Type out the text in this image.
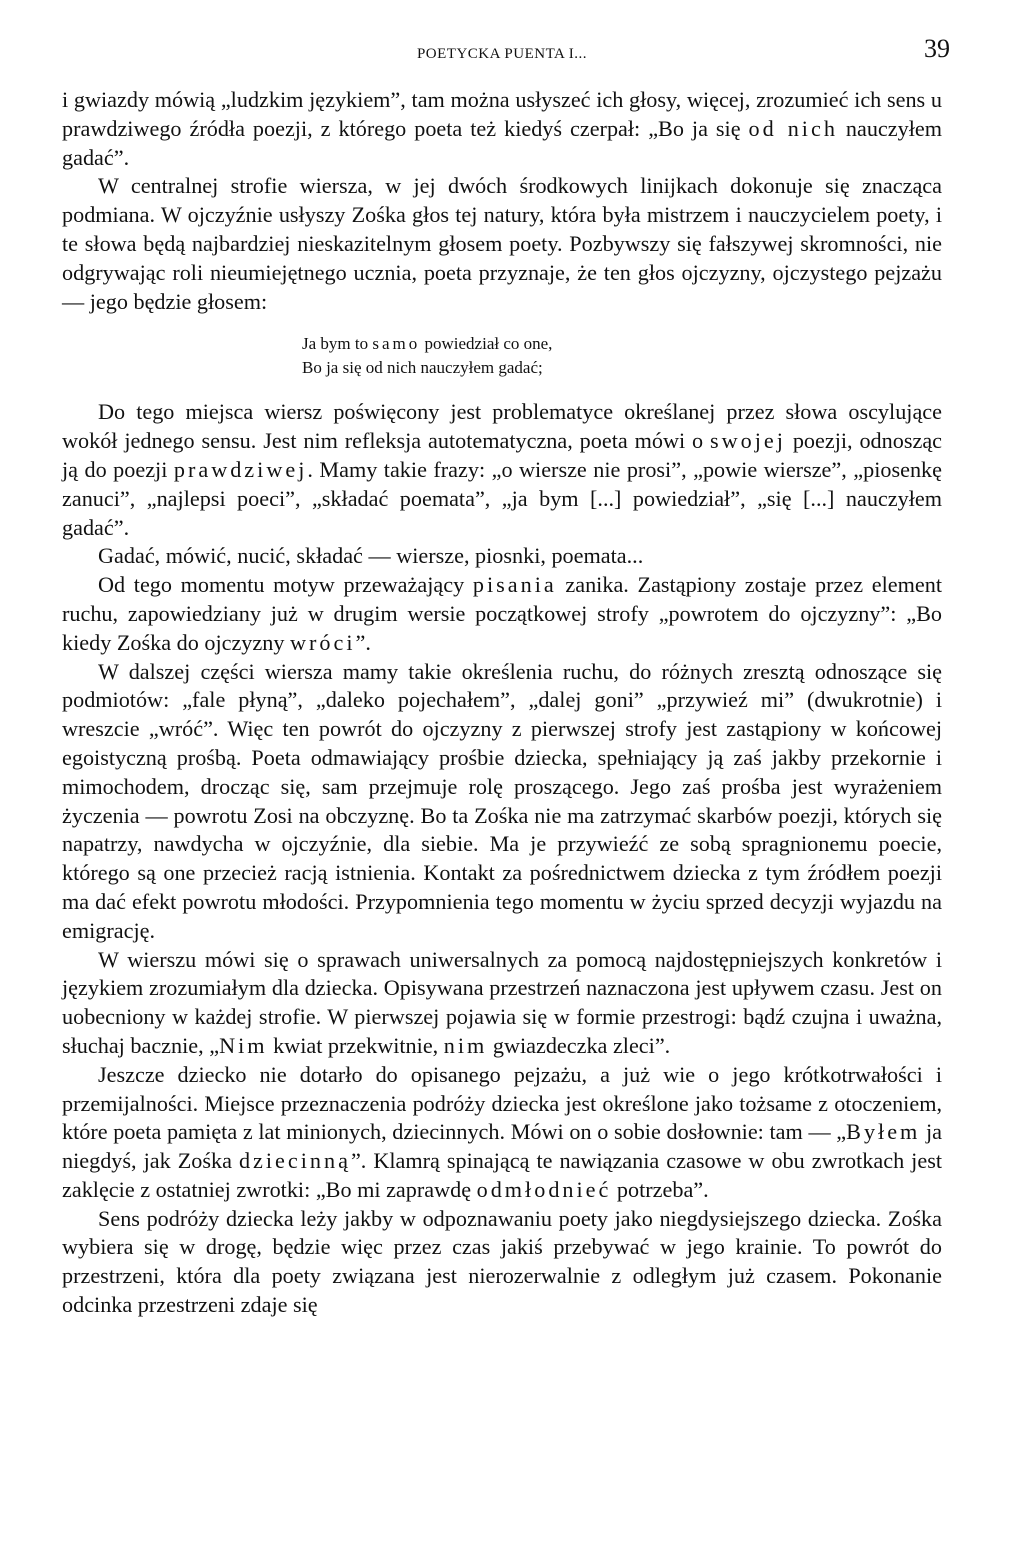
POETYCKA PUENTA I...	39

i gwiazdy mówią „ludzkim językiem”, tam można usłyszeć ich głosy, więcej, zrozumieć ich sens u prawdziwego źródła poezji, z którego poeta też kiedyś czerpał: „Bo ja się od nich nauczyłem gadać”.

W centralnej strofie wiersza, w jej dwóch środkowych linijkach dokonuje się znacząca podmiana. W ojczyźnie usłyszy Zośka głos tej natury, która była mistrzem i nauczycielem poety, i te słowa będą najbardziej nieskazitelnym głosem poety. Pozbywszy się fałszywej skromności, nie odgrywając roli nieumiejętnego ucznia, poeta przyznaje, że ten głos ojczyzny, ojczystego pejzażu — jego będzie głosem:

Ja bym to samo powiedział co one,
Bo ja się od nich nauczyłem gadać;

Do tego miejsca wiersz poświęcony jest problematyce określanej przez słowa oscylujące wokół jednego sensu. Jest nim refleksja autotematyczna, poeta mówi o swojej poezji, odnosząc ją do poezji prawdziwej. Mamy takie frazy: „o wiersze nie prosi”, „powie wiersze”, „piosenkę zanuci”, „najlepsi poeci”, „składać poemata”, „ja bym [...] powiedział”, „się [...] nauczyłem gadać”.

Gadać, mówić, nucić, składać — wiersze, piosnki, poemata...

Od tego momentu motyw przeważający pisania zanika. Zastąpiony zostaje przez element ruchu, zapowiedziany już w drugim wersie początkowej strofy „powrotem do ojczyzny”: „Bo kiedy Zośka do ojczyzny wróci”.

W dalszej części wiersza mamy takie określenia ruchu, do różnych zresztą odnoszące się podmiotów: „fale płyną”, „daleko pojechałem”, „dalej goni” „przywieź mi” (dwukrotnie) i wreszcie „wróć”. Więc ten powrót do ojczyzny z pierwszej strofy jest zastąpiony w końcowej egoistyczną prośbą. Poeta odmawiający prośbie dziecka, spełniający ją zaś jakby przekornie i mimochodem, drocząc się, sam przejmuje rolę proszącego. Jego zaś prośba jest wyrażeniem życzenia — powrotu Zosi na obczyznę. Bo ta Zośka nie ma zatrzymać skarbów poezji, których się napatrzy, nawdycha w ojczyźnie, dla siebie. Ma je przywieźć ze sobą spragnionemu poecie, którego są one przecież racją istnienia. Kontakt za pośrednictwem dziecka z tym źródłem poezji ma dać efekt powrotu młodości. Przypomnienia tego momentu w życiu sprzed decyzji wyjazdu na emigrację.

W wierszu mówi się o sprawach uniwersalnych za pomocą najdostępniejszych konkretów i językiem zrozumiałym dla dziecka. Opisywana przestrzeń naznaczona jest upływem czasu. Jest on uobecniony w każdej strofie. W pierwszej pojawia się w formie przestrogi: bądź czujna i uważna, słuchaj bacznie, „Nim kwiat przekwitnie, nim gwiazdeczka zleci”.

Jeszcze dziecko nie dotarło do opisanego pejzażu, a już wie o jego krótkotrwałości i przemijalności. Miejsce przeznaczenia podróży dziecka jest określone jako tożsame z otoczeniem, które poeta pamięta z lat minionych, dziecinnych. Mówi on o sobie dosłownie: tam — „Byłem ja niegdyś, jak Zośka dziecinną”. Klamrą spinającą te nawiązania czasowe w obu zwrotkach jest zaklęcie z ostatniej zwrotki: „Bo mi zaprawdę odmłodnieć potrzeba”.

Sens podróży dziecka leży jakby w odpoznawaniu poety jako niegdysiejszego dziecka. Zośka wybiera się w drogę, będzie więc przez czas jakiś przebywać w jego krainie. To powrót do przestrzeni, która dla poety związana jest nierozerwalnie z odległym już czasem. Pokonanie odcinka przestrzeni zdaje się
